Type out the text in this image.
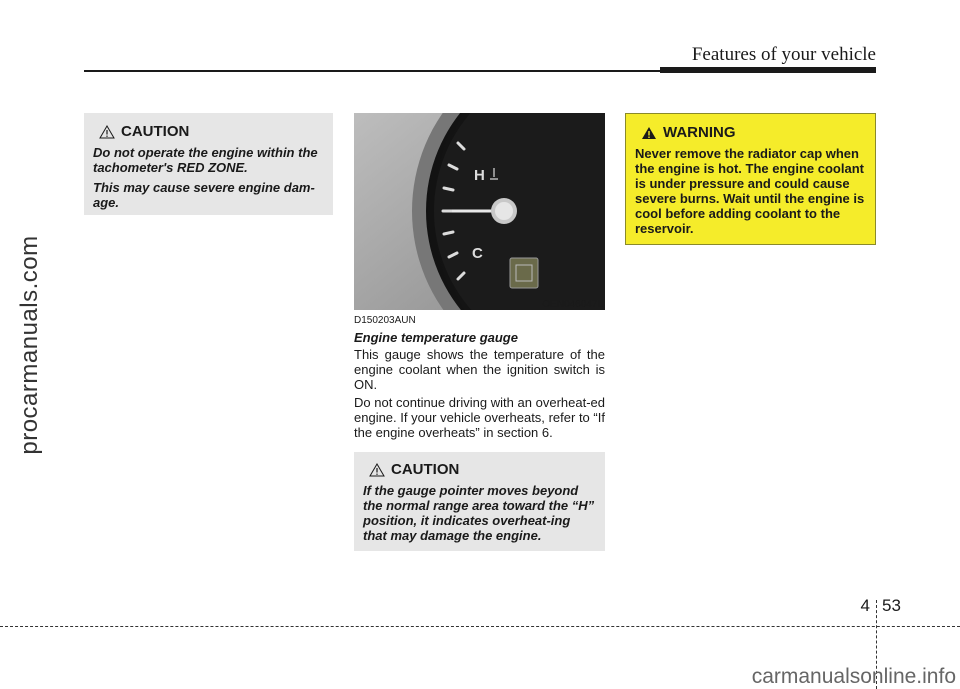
Features of your vehicle
procarmanuals.com
CAUTION

Do not operate the engine within the tachometer's RED ZONE.

This may cause severe engine dam-age.

H
C
OEN046047L
D150203AUN
Engine temperature gauge

This gauge shows the temperature of the engine coolant when the ignition switch is ON.

Do not continue driving with an overheat-ed engine. If your vehicle overheats, refer to “If the engine overheats” in section 6.

CAUTION

If the gauge pointer moves beyond the normal range area toward the “H” position, it indicates overheat-ing that may damage the engine.

WARNING

Never remove the radiator cap when the engine is hot. The engine coolant is under pressure and could cause severe burns. Wait until the engine is cool before adding coolant to the reservoir.

4 53
carmanualsonline.info
